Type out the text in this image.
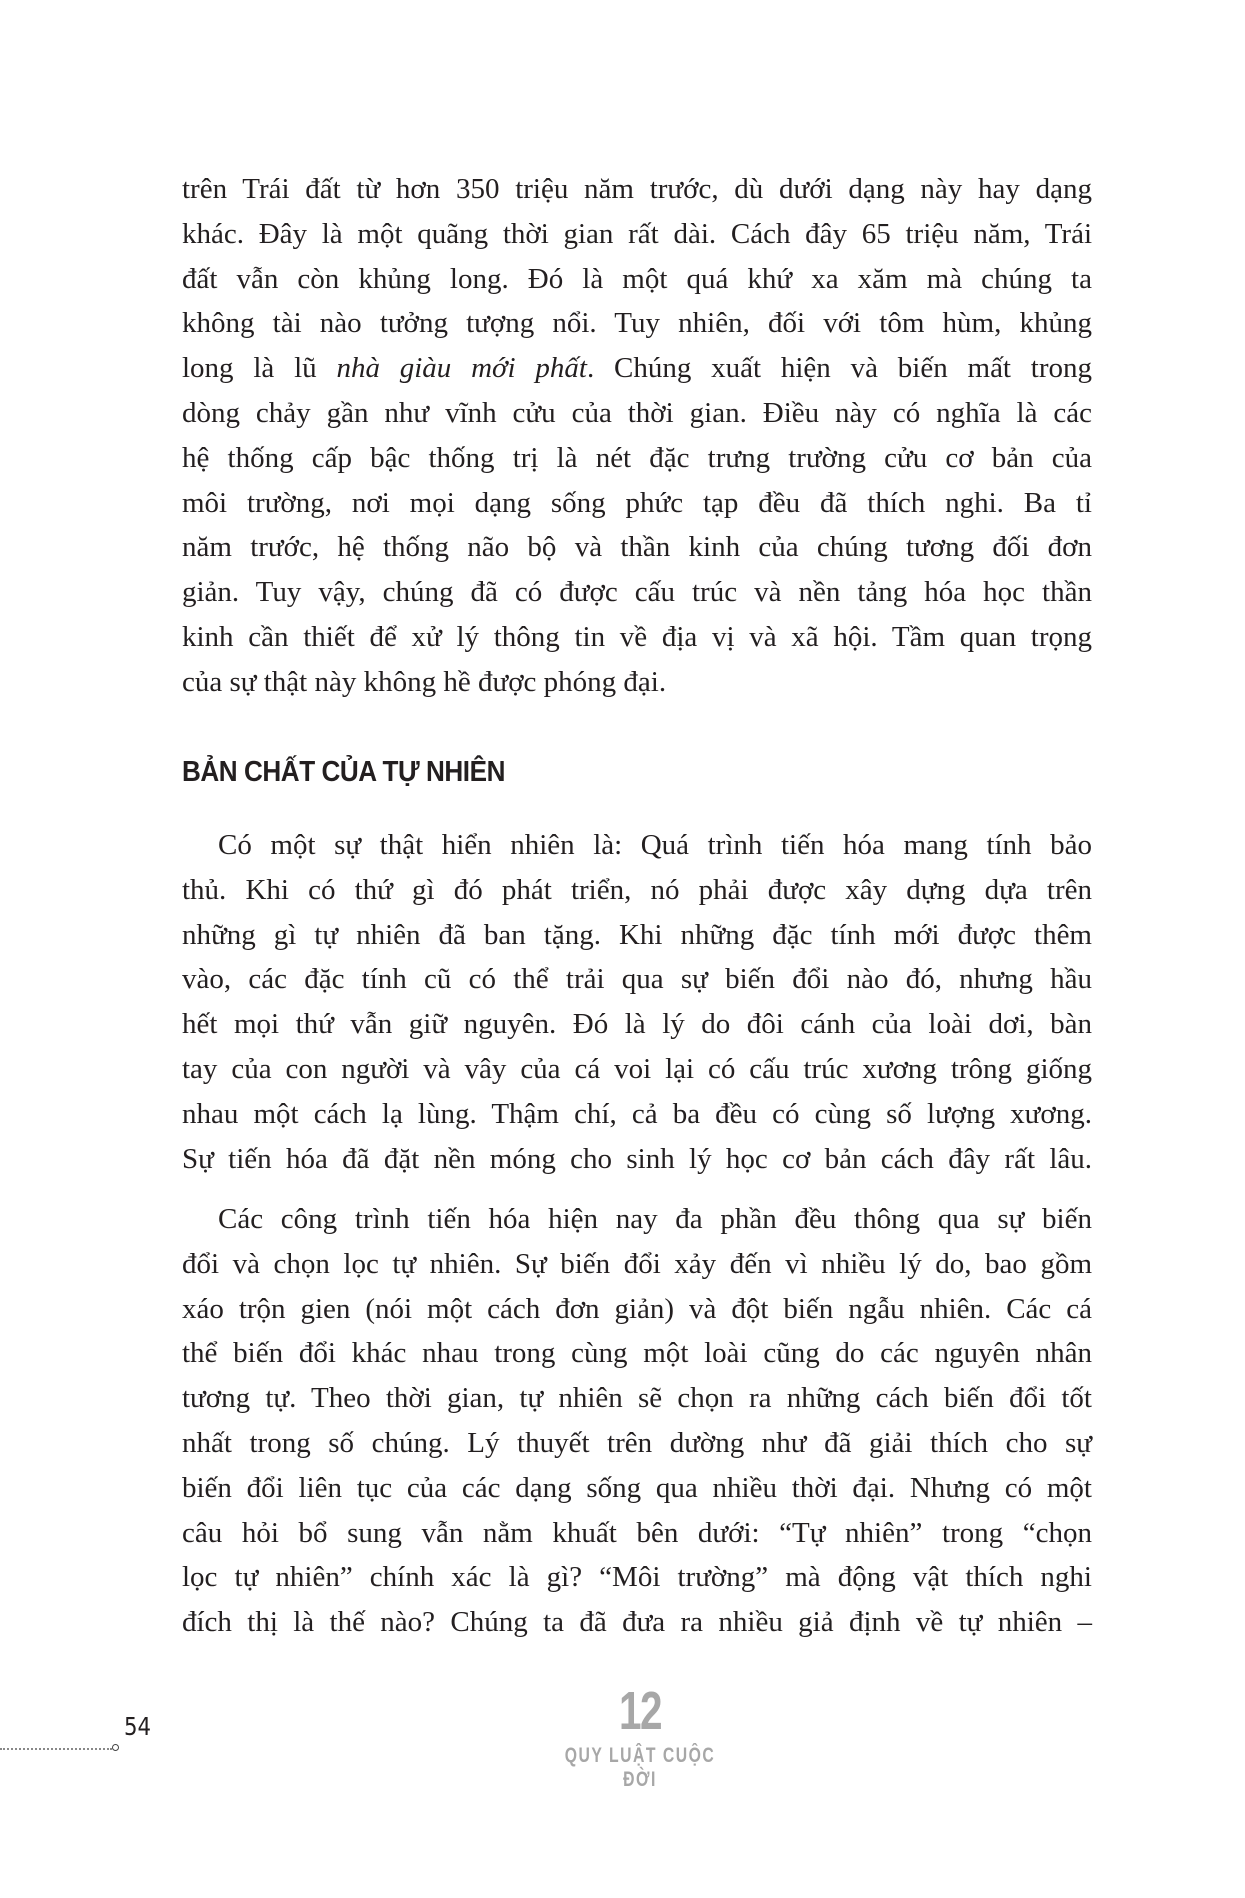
trên Trái đất từ hơn 350 triệu năm trước, dù dưới dạng này hay dạng
khác. Đây là một quãng thời gian rất dài. Cách đây 65 triệu năm, Trái
đất vẫn còn khủng long. Đó là một quá khứ xa xăm mà chúng ta
không tài nào tưởng tượng nổi. Tuy nhiên, đối với tôm hùm, khủng
long là lũ nhà giàu mới phất. Chúng xuất hiện và biến mất trong
dòng chảy gần như vĩnh cửu của thời gian. Điều này có nghĩa là các
hệ thống cấp bậc thống trị là nét đặc trưng trường cửu cơ bản của
môi trường, nơi mọi dạng sống phức tạp đều đã thích nghi. Ba tỉ
năm trước, hệ thống não bộ và thần kinh của chúng tương đối đơn
giản. Tuy vậy, chúng đã có được cấu trúc và nền tảng hóa học thần
kinh cần thiết để xử lý thông tin về địa vị và xã hội. Tầm quan trọng
của sự thật này không hề được phóng đại.
BẢN CHẤT CỦA TỰ NHIÊN
Có một sự thật hiển nhiên là: Quá trình tiến hóa mang tính bảo
thủ. Khi có thứ gì đó phát triển, nó phải được xây dựng dựa trên
những gì tự nhiên đã ban tặng. Khi những đặc tính mới được thêm
vào, các đặc tính cũ có thể trải qua sự biến đổi nào đó, nhưng hầu
hết mọi thứ vẫn giữ nguyên. Đó là lý do đôi cánh của loài dơi, bàn
tay của con người và vây của cá voi lại có cấu trúc xương trông giống
nhau một cách lạ lùng. Thậm chí, cả ba đều có cùng số lượng xương.
Sự tiến hóa đã đặt nền móng cho sinh lý học cơ bản cách đây rất lâu.
Các công trình tiến hóa hiện nay đa phần đều thông qua sự biến
đổi và chọn lọc tự nhiên. Sự biến đổi xảy đến vì nhiều lý do, bao gồm
xáo trộn gien (nói một cách đơn giản) và đột biến ngẫu nhiên. Các cá
thể biến đổi khác nhau trong cùng một loài cũng do các nguyên nhân
tương tự. Theo thời gian, tự nhiên sẽ chọn ra những cách biến đổi tốt
nhất trong số chúng. Lý thuyết trên dường như đã giải thích cho sự
biến đổi liên tục của các dạng sống qua nhiều thời đại. Nhưng có một
câu hỏi bổ sung vẫn nằm khuất bên dưới: “Tự nhiên” trong “chọn
lọc tự nhiên” chính xác là gì? “Môi trường” mà động vật thích nghi
đích thị là thế nào? Chúng ta đã đưa ra nhiều giả định về tự nhiên –
54	12
QUY LUẬT CUỘC ĐỜI
